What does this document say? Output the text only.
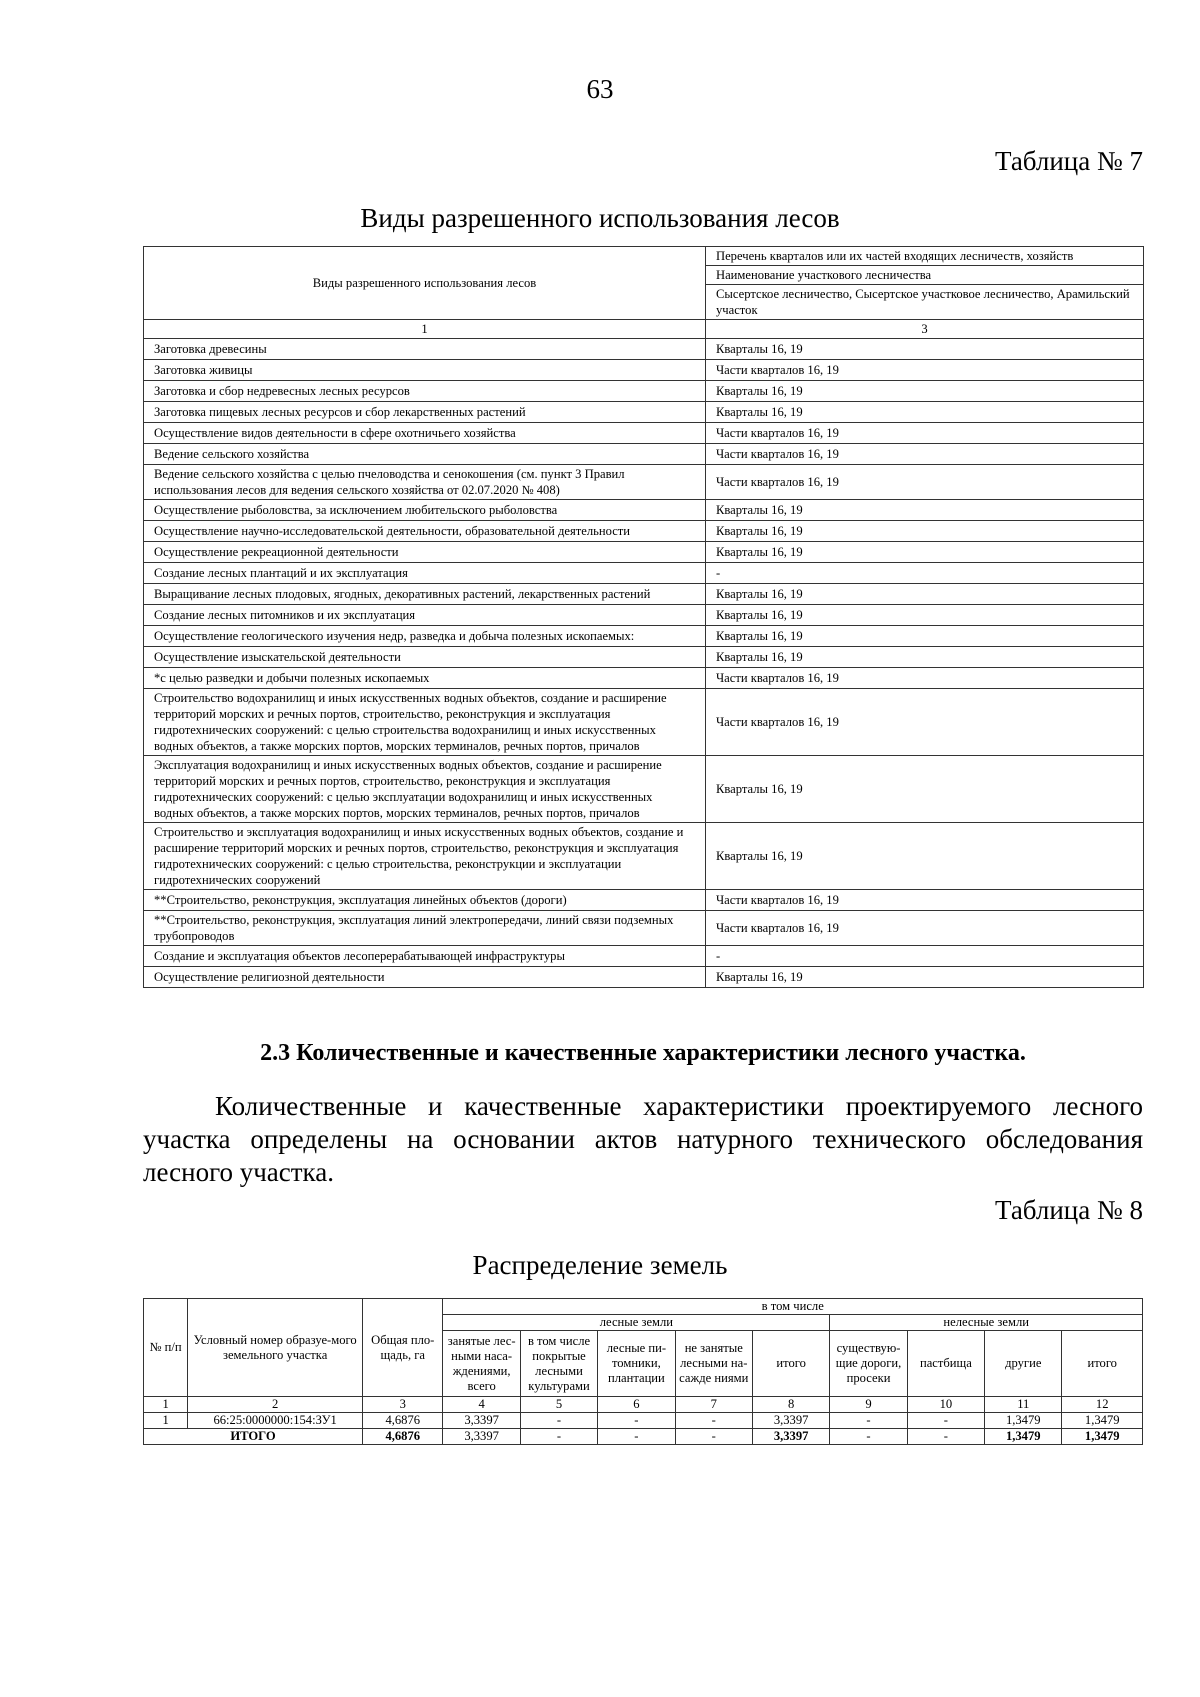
63
Таблица № 7
Виды разрешенного использования лесов
Виды разрешенного использования лесов	Перечень кварталов или их частей входящих лесничеств, хозяйств
	Наименование участкового лесничества
	Сысертское лесничество, Сысертское участковое лесничество, Арамильский участок
1	3
Заготовка древесины	Кварталы 16, 19
Заготовка живицы	Части кварталов 16, 19
Заготовка и сбор недревесных лесных ресурсов	Кварталы 16, 19
Заготовка пищевых лесных ресурсов и сбор лекарственных растений	Кварталы 16, 19
Осуществление видов деятельности в сфере охотничьего хозяйства	Части кварталов 16, 19
Ведение сельского хозяйства	Части кварталов 16, 19
Ведение сельского хозяйства с целью пчеловодства и сенокошения (см. пункт 3 Правил использования лесов для ведения сельского хозяйства от 02.07.2020 № 408)	Части кварталов 16, 19
Осуществление рыболовства, за исключением любительского рыболовства	Кварталы 16, 19
Осуществление научно-исследовательской деятельности, образовательной деятельности	Кварталы 16, 19
Осуществление рекреационной деятельности	Кварталы 16, 19
Создание лесных плантаций и их эксплуатация	-
Выращивание лесных плодовых, ягодных, декоративных растений, лекарственных растений	Кварталы 16, 19
Создание лесных питомников и их эксплуатация	Кварталы 16, 19
Осуществление геологического изучения недр, разведка и добыча полезных ископаемых:	Кварталы 16, 19
Осуществление изыскательской деятельности	Кварталы 16, 19
*с целью разведки и добычи полезных ископаемых	Части кварталов 16, 19
Строительство водохранилищ и иных искусственных водных объектов, создание и расширение территорий морских и речных портов, строительство, реконструкция и эксплуатация гидротехнических сооружений: с целью строительства водохранилищ и иных искусственных водных объектов, а также морских портов, морских терминалов, речных портов, причалов	Части кварталов 16, 19
Эксплуатация водохранилищ и иных искусственных водных объектов, создание и расширение территорий морских и речных портов, строительство, реконструкция и эксплуатация гидротехнических сооружений: с целью эксплуатации водохранилищ и иных искусственных водных объектов, а также морских портов, морских терминалов, речных портов, причалов	Кварталы 16, 19
Строительство и эксплуатация водохранилищ и иных искусственных водных объектов, создание и расширение территорий морских и речных портов, строительство, реконструкция и эксплуатация гидротехнических сооружений: с целью строительства, реконструкции и эксплуатации гидротехнических сооружений	Кварталы 16, 19
**Строительство, реконструкция, эксплуатация линейных объектов (дороги)	Части кварталов 16, 19
**Строительство, реконструкция, эксплуатация линий электропередачи, линий связи подземных трубопроводов	Части кварталов 16, 19
Создание и эксплуатация объектов лесоперерабатывающей инфраструктуры	-
Осуществление религиозной деятельности	Кварталы 16, 19
2.3 Количественные и качественные характеристики лесного участка.

Количественные и качественные характеристики проектируемого лесного участка определены на основании актов натурного технического обследования лесного участка.

Таблица № 8
Распределение земель
№ п/п	Условный номер образуе-мого земельного участка	Общая пло-щадь, га	в том числе								
			лесные земли					нелесные земли			
			занятые лес-ными наса-ждениями, всего	в том числе покрытые лесными культурами	лесные пи-томники, плантации	не занятые лесными на-сажде ниями	итого	существую-щие дороги, просеки	пастбища	другие	итого
1	2	3	4	5	6	7	8	9	10	11	12
1	66:25:0000000:154:ЗУ1	4,6876	3,3397	-	-	-	3,3397	-	-	1,3479	1,3479
ИТОГО		4,6876	3,3397	-	-	-	3,3397	-	-	1,3479	1,3479
